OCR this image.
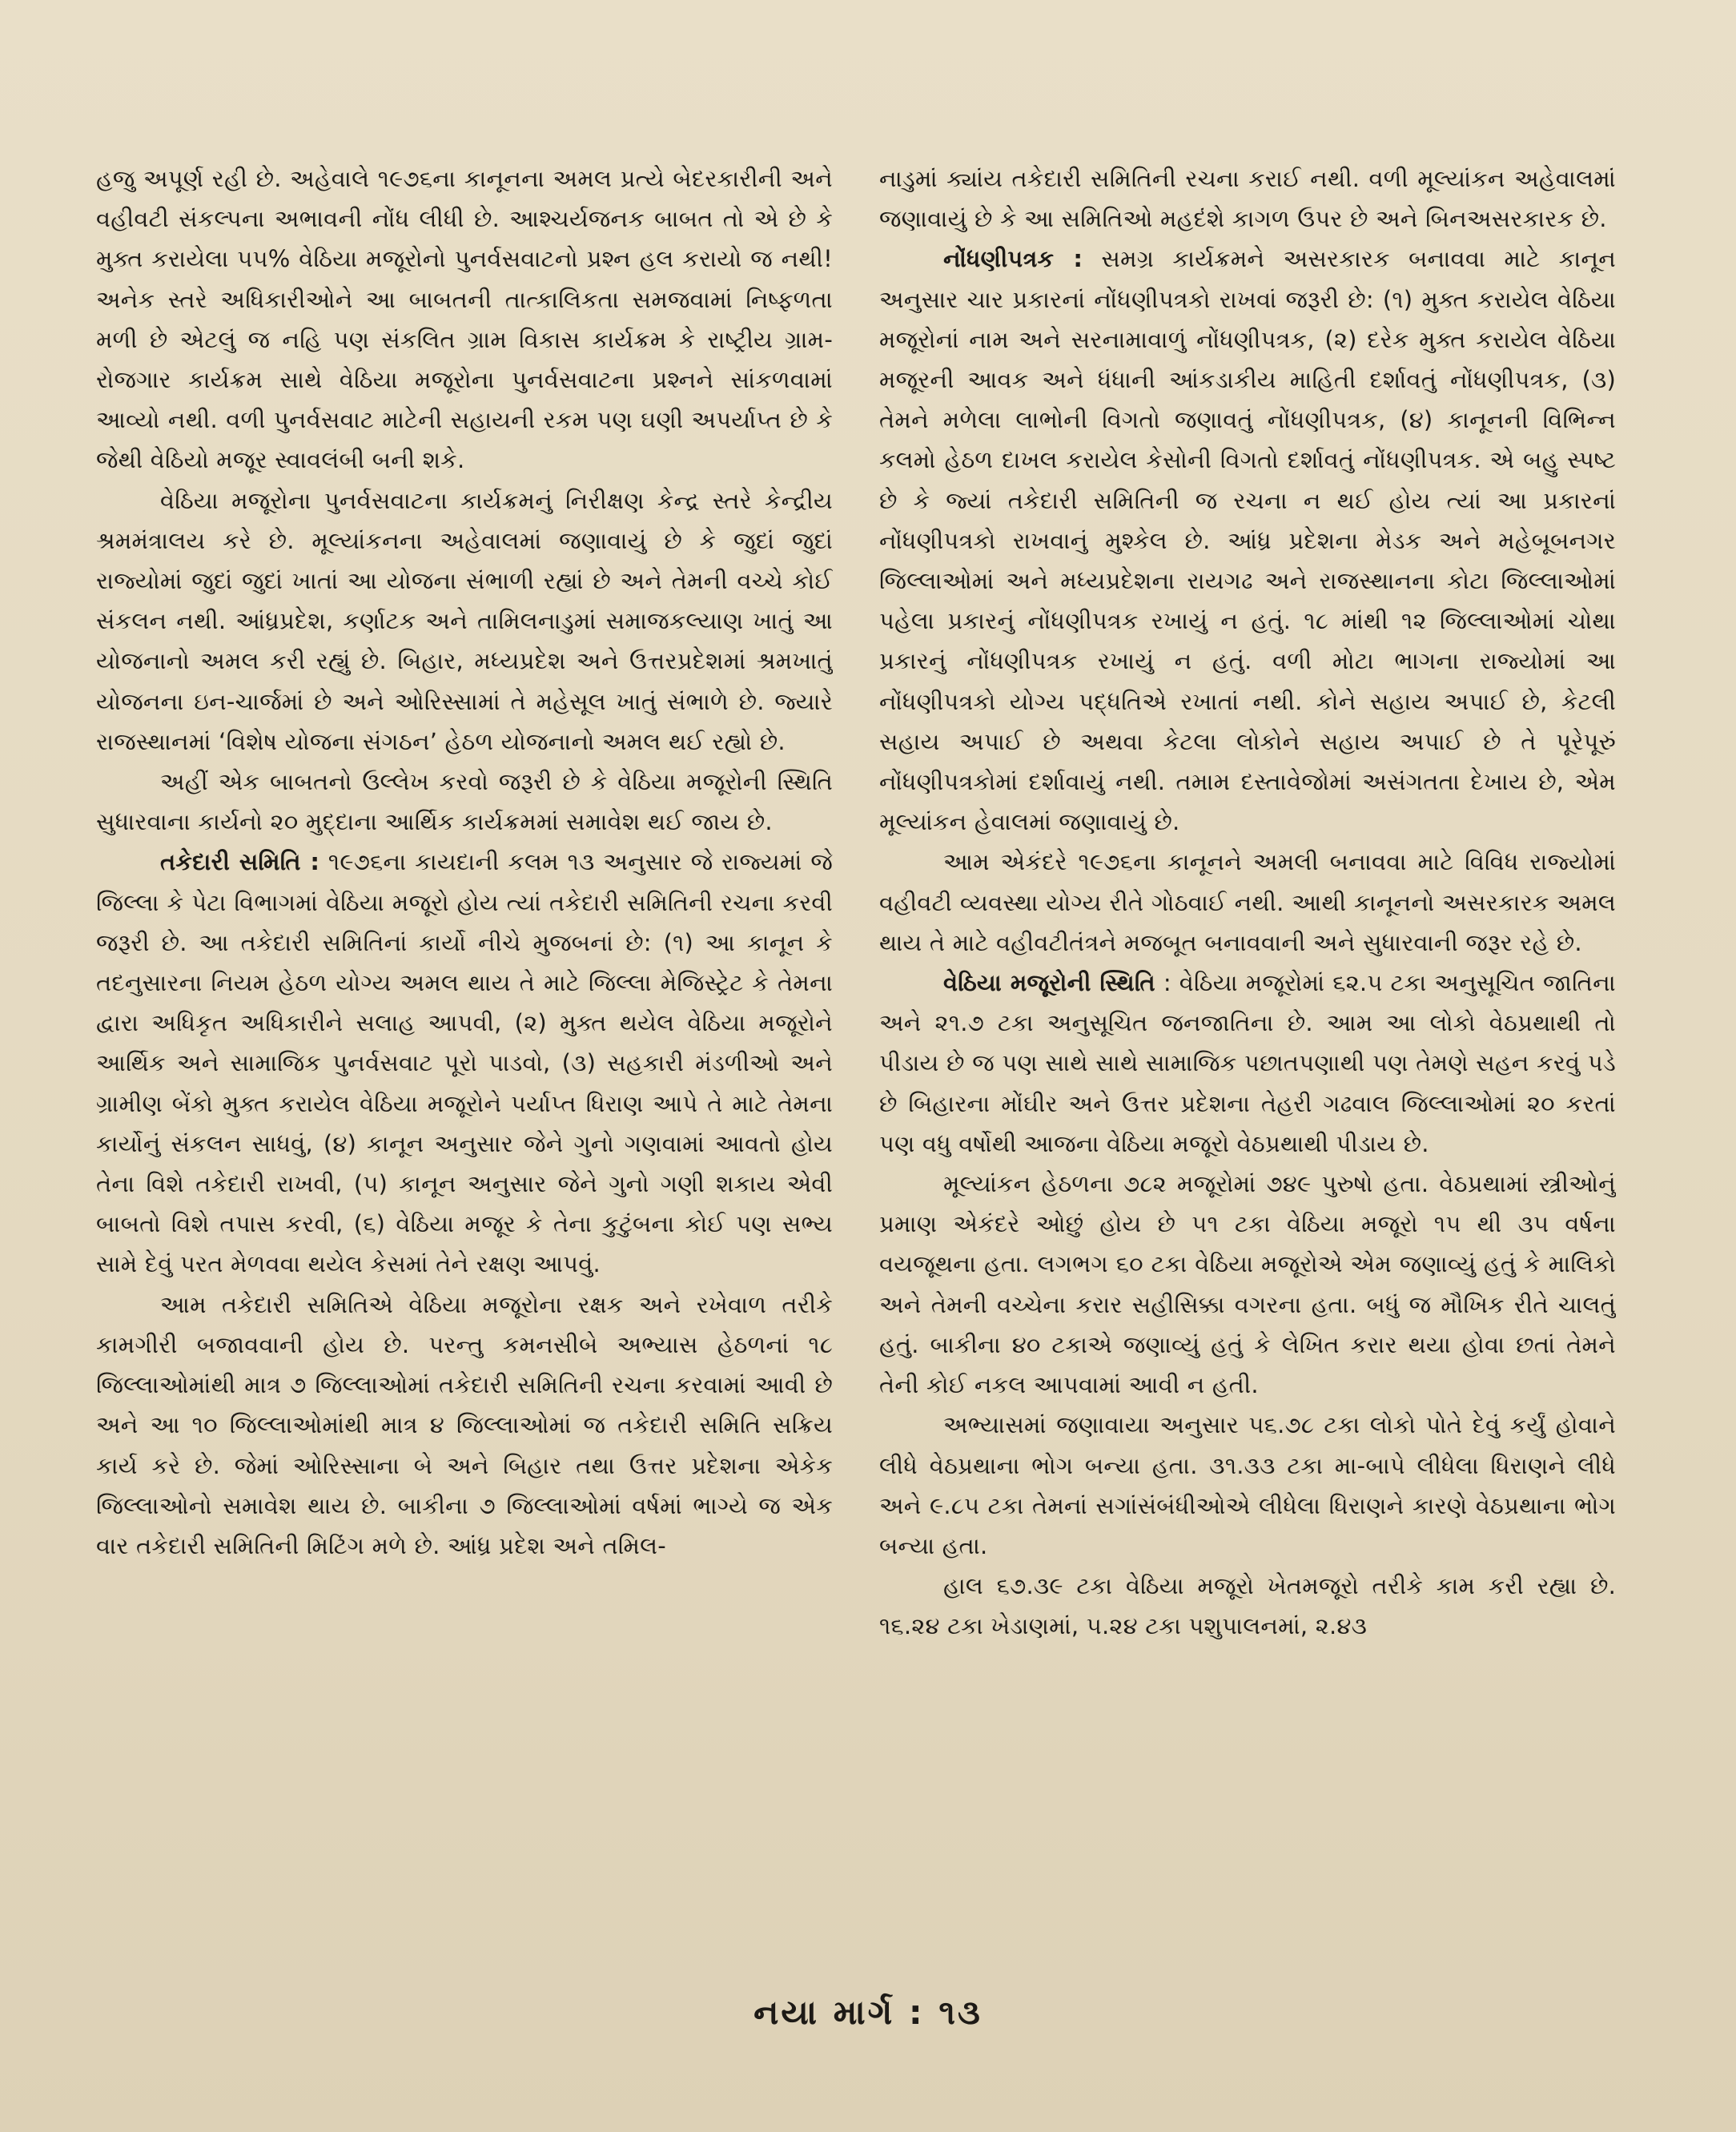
હજુ અપૂર્ણ રહી છે. અહેવાલે ૧૯૭૬ના કાનૂનના અમલ પ્રત્યે બેદરકારીની અને વહીવટી સંકલ્પના અભાવની નોંધ લીધી છે. આશ્ચર્યજનક બાબત તો એ છે કે મુક્ત કરાયેલા ૫૫% વેઠિયા મજૂરોનો પુનર્વસવાટનો પ્રશ્ન હલ કરાયો જ નથી! અનેક સ્તરે અધિકારીઓને આ બાબતની તાત્કાલિકતા સમજવામાં નિષ્ફળતા મળી છે એટલું જ નહિ પણ સંકલિત ગ્રામ વિકાસ કાર્યક્રમ કે રાષ્ટ્રીય ગ્રામ-રોજગાર કાર્યક્રમ સાથે વેઠિયા મજૂરોના પુનર્વસવાટના પ્રશ્નને સાંકળવામાં આવ્યો નથી. વળી પુનર્વસવાટ માટેની સહાયની રકમ પણ ઘણી અપર્યાપ્ત છે કે જેથી વેઠિયો મજૂર સ્વાવલંબી બની શકે.

વેઠિયા મજૂરોના પુનર્વસવાટના કાર્યક્રમનું નિરીક્ષણ કેન્દ્ર સ્તરે કેન્દ્રીય શ્રમમંત્રાલય કરે છે. મૂલ્યાંકનના અહેવાલમાં જણાવાયું છે કે જુદાં જુદાં રાજ્યોમાં જુદાં જુદાં ખાતાં આ યોજના સંભાળી રહ્યાં છે અને તેમની વચ્ચે કોઈ સંકલન નથી. આંધ્રપ્રદેશ, કર્ણાટક અને તામિલનાડુમાં સમાજકલ્યાણ ખાતું આ યોજનાનો અમલ કરી રહ્યું છે. બિહાર, મધ્યપ્રદેશ અને ઉત્તરપ્રદેશમાં શ્રમખાતું યોજનના ઇન-ચાર્જમાં છે અને ઓરિસ્સામાં તે મહેસૂલ ખાતું સંભાળે છે. જ્યારે રાજસ્થાનમાં ‘વિશેષ યોજના સંગઠન’ હેઠળ યોજનાનો અમલ થઈ રહ્યો છે.

અહીં એક બાબતનો ઉલ્લેખ કરવો જરૂરી છે કે વેઠિયા મજૂરોની સ્થિતિ સુધારવાના કાર્યનો ૨૦ મુદ્દાના આર્થિક કાર્યક્રમમાં સમાવેશ થઈ જાય છે.

તકેદારી સમિતિ : ૧૯૭૬ના કાયદાની કલમ ૧૩ અનુસાર જે રાજ્યમાં જે જિલ્લા કે પેટા વિભાગમાં વેઠિયા મજૂરો હોય ત્યાં તકેદારી સમિતિની રચના કરવી જરૂરી છે. આ તકેદારી સમિતિનાં કાર્યો નીચે મુજબનાં છે: (૧) આ કાનૂન કે તદનુસારના નિયમ હેઠળ યોગ્ય અમલ થાય તે માટે જિલ્લા મેજિસ્ટ્રેટ કે તેમના દ્વારા અધિકૃત અધિકારીને સલાહ આપવી, (૨) મુક્ત થયેલ વેઠિયા મજૂરોને આર્થિક અને સામાજિક પુનર્વસવાટ પૂરો પાડવો, (૩) સહકારી મંડળીઓ અને ગ્રામીણ બેંકો મુક્ત કરાયેલ વેઠિયા મજૂરોને પર્યાપ્ત ધિરાણ આપે તે માટે તેમના કાર્યોનું સંકલન સાધવું, (૪) કાનૂન અનુસાર જેને ગુનો ગણવામાં આવતો હોય તેના વિશે તકેદારી રાખવી, (૫) કાનૂન અનુસાર જેને ગુનો ગણી શકાય એવી બાબતો વિશે તપાસ કરવી, (૬) વેઠિયા મજૂર કે તેના કુટુંબના કોઈ પણ સભ્ય સામે દેવું પરત મેળવવા થયેલ કેસમાં તેને રક્ષણ આપવું.

આમ તકેદારી સમિતિએ વેઠિયા મજૂરોના રક્ષક અને રખેવાળ તરીકે કામગીરી બજાવવાની હોય છે. પરન્તુ કમનસીબે અભ્યાસ હેઠળનાં ૧૮ જિલ્લાઓમાંથી માત્ર ૭ જિલ્લાઓમાં તકેદારી સમિતિની રચના કરવામાં આવી છે અને આ ૧૦ જિલ્લાઓમાંથી માત્ર ૪ જિલ્લાઓમાં જ તકેદારી સમિતિ સક્રિય કાર્ય કરે છે. જેમાં ઓરિસ્સાના બે અને બિહાર તથા ઉત્તર પ્રદેશના એકેક જિલ્લાઓનો સમાવેશ થાય છે. બાકીના ૭ જિલ્લાઓમાં વર્ષમાં ભાગ્યે જ એક વાર તકેદારી સમિતિની મિટિંગ મળે છે. આંધ્ર પ્રદેશ અને તમિલ-

નાડુમાં ક્યાંય તકેદારી સમિતિની રચના કરાઈ નથી. વળી મૂલ્યાંકન અહેવાલમાં જણાવાયું છે કે આ સમિતિઓ મહદંશે કાગળ ઉપર છે અને બિનઅસરકારક છે.

નોંધણીપત્રક : સમગ્ર કાર્યક્રમને અસરકારક બનાવવા માટે કાનૂન અનુસાર ચાર પ્રકારનાં નોંધણીપત્રકો રાખવાં જરૂરી છે: (૧) મુક્ત કરાયેલ વેઠિયા મજૂરોનાં નામ અને સરનામાવાળું નોંધણીપત્રક, (૨) દરેક મુક્ત કરાયેલ વેઠિયા મજૂરની આવક અને ધંધાની આંકડાકીય માહિતી દર્શાવતું નોંધણીપત્રક, (૩) તેમને મળેલા લાભોની વિગતો જણાવતું નોંધણીપત્રક, (૪) કાનૂનની વિભિન્ન કલમો હેઠળ દાખલ કરાયેલ કેસોની વિગતો દર્શાવતું નોંધણીપત્રક. એ બહુ સ્પષ્ટ છે કે જ્યાં તકેદારી સમિતિની જ રચના ન થઈ હોય ત્યાં આ પ્રકારનાં નોંધણીપત્રકો રાખવાનું મુશ્કેલ છે. આંધ્ર પ્રદેશના મેડક અને મહેબૂબનગર જિલ્લાઓમાં અને મધ્યપ્રદેશના રાયગઢ અને રાજસ્થાનના કોટા જિલ્લાઓમાં પહેલા પ્રકારનું નોંધણીપત્રક રખાયું ન હતું. ૧૮ માંથી ૧૨ જિલ્લાઓમાં ચોથા પ્રકારનું નોંધણીપત્રક રખાયું ન હતું. વળી મોટા ભાગના રાજ્યોમાં આ નોંધણીપત્રકો યોગ્ય પદ્ધતિએ રખાતાં નથી. કોને સહાય અપાઈ છે, કેટલી સહાય અપાઈ છે અથવા કેટલા લોકોને સહાય અપાઈ છે તે પૂરેપૂરું નોંધણીપત્રકોમાં દર્શાવાયું નથી. તમામ દસ્તાવેજોમાં અસંગતતા દેખાય છે, એમ મૂલ્યાંકન હેવાલમાં જણાવાયું છે.

આમ એકંદરે ૧૯૭૬ના કાનૂનને અમલી બનાવવા માટે વિવિધ રાજ્યોમાં વહીવટી વ્યવસ્થા યોગ્ય રીતે ગોઠવાઈ નથી. આથી કાનૂનનો અસરકારક અમલ થાય તે માટે વહીવટીતંત્રને મજબૂત બનાવવાની અને સુધારવાની જરૂર રહે છે.

વેઠિયા મજૂરોની સ્થિતિ : વેઠિયા મજૂરોમાં ૬૨.૫ ટકા અનુસૂચિત જાતિના અને ૨૧.૭ ટકા અનુસૂચિત જનજાતિના છે. આમ આ લોકો વેઠપ્રથાથી તો પીડાય છે જ પણ સાથે સાથે સામાજિક પછાતપણાથી પણ તેમણે સહન કરવું પડે છે બિહારના મોંઘીર અને ઉત્તર પ્રદેશના તેહરી ગઢવાલ જિલ્લાઓમાં ૨૦ કરતાં પણ વધુ વર્ષોથી આજના વેઠિયા મજૂરો વેઠપ્રથાથી પીડાય છે.

મૂલ્યાંકન હેઠળના ૭૮૨ મજૂરોમાં ૭૪૯ પુરુષો હતા. વેઠપ્રથામાં સ્ત્રીઓનું પ્રમાણ એકંદરે ઓછું હોય છે ૫૧ ટકા વેઠિયા મજૂરો ૧૫ થી ૩૫ વર્ષના વયજૂથના હતા. લગભગ ૬૦ ટકા વેઠિયા મજૂરોએ એમ જણાવ્યું હતું કે માલિકો અને તેમની વચ્ચેના કરાર સહીસિક્કા વગરના હતા. બધું જ મૌખિક રીતે ચાલતું હતું. બાકીના ૪૦ ટકાએ જણાવ્યું હતું કે લેખિત કરાર થયા હોવા છતાં તેમને તેની કોઈ નકલ આપવામાં આવી ન હતી.

અભ્યાસમાં જણાવાયા અનુસાર ૫૬.૭૮ ટકા લોકો પોતે દેવું કર્યું હોવાને લીધે વેઠપ્રથાના ભોગ બન્યા હતા. ૩૧.૩૩ ટકા મા-બાપે લીધેલા ધિરાણને લીધે અને ૯.૮૫ ટકા તેમનાં સગાંસંબંધીઓએ લીધેલા ધિરાણને કારણે વેઠપ્રથાના ભોગ બન્યા હતા.

હાલ ૬૭.૩૯ ટકા વેઠિયા મજૂરો ખેતમજૂરો તરીકે કામ કરી રહ્યા છે. ૧૬.૨૪ ટકા ખેડાણમાં, ૫.૨૪ ટકા પશુપાલનમાં, ૨.૪૩

નયા માર્ગ : ૧૩
